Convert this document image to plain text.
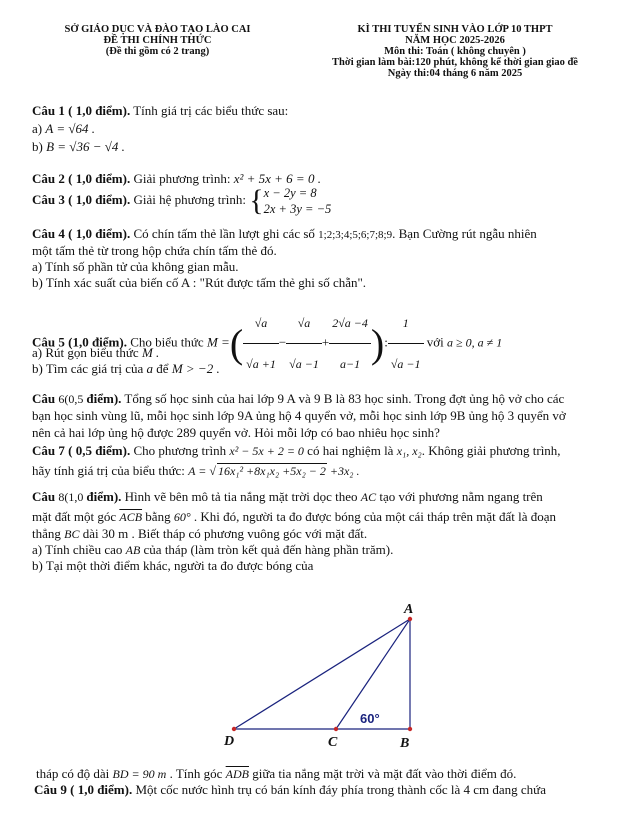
SỞ GIÁO DỤC VÀ ĐÀO TẠO LÀO CAI
ĐỀ THI CHÍNH THỨC
(Đề thi gồm có 2 trang)
KÌ THI TUYỂN SINH VÀO LỚP 10 THPT
NĂM HỌC 2025-2026
Môn thi: Toán ( không chuyên )
Thời gian làm bài:120 phút, không kể thời gian giao đề
Ngày thi:04 tháng 6 năm 2025
Câu 1 ( 1,0 điểm). Tính giá trị các biểu thức sau:
a) A = √64 .
b) B = √36 − √4 .
Câu 2 ( 1,0 điểm). Giải phương trình: x² + 5x + 6 = 0 .
Câu 3 ( 1,0 điểm). Giải hệ phương trình: { x − 2y = 8
2x + 3y = −5
Câu 4 ( 1,0 điểm). Có chín tấm thẻ lần lượt ghi các số 1;2;3;4;5;6;7;8;9. Bạn Cường rút ngẫu nhiên
một tấm thẻ từ trong hộp chứa chín tấm thẻ đó.
a) Tính số phần tử của không gian mẫu.
b) Tính xác suất của biến cố A : "Rút được tấm thẻ ghi số chẵn".
Câu 5 (1,0 điểm). Cho biểu thức M =( $\frac{√a}{√a +1} - \frac{√a}{√a -1} + \frac{2√a -4}{a-1}$ ): $\frac{1}{√a -1}$ với a ≥ 0, a ≠ 1
a) Rút gọn biểu thức M .
b) Tìm các giá trị của a để M > −2 .
Câu 6(0,5 điểm). Tổng số học sinh của hai lớp 9 A và 9 B là 83 học sinh. Trong đợt ủng hộ vở cho các
bạn học sinh vùng lũ, mỗi học sinh lớp 9A ủng hộ 4 quyển vở, mỗi học sinh lớp 9B ủng hộ 3 quyển vở
nên cả hai lớp ủng hộ được 289 quyển vở. Hỏi mỗi lớp có bao nhiêu học sinh?
Câu 7 ( 0,5 điểm). Cho phương trình x² − 5x + 2 = 0 có hai nghiệm là x₁, x₂. Không giải phương trình,
hãy tính giá trị của biểu thức: A = √ 16x₁² +8x₁x₂ +5x₂ − 2 +3x₂ .
Câu 8(1,0 điểm). Hình vẽ bên mô tả tia nắng mặt trời dọc theo AC tạo với phương nằm ngang trên
mặt đất một góc $\overline{ACB}$ bằng 60° . Khi đó, người ta đo được bóng của một cái tháp trên mặt đất là đoạn
thẳng BC dài 30 m . Biết tháp có phương vuông góc với mặt đất.
a) Tính chiều cao AB của tháp (làm tròn kết quả đến hàng phần trăm).
b) Tại một thời điểm khác, người ta đo được bóng của
A
B
C
D
60°
tháp có độ dài BD = 90 m . Tính góc $\overline{ADB}$ giữa tia nắng mặt trời và mặt đất vào thời điểm đó.
Câu 9 ( 1,0 điểm). Một cốc nước hình trụ có bán kính đáy phía trong thành cốc là 4 cm đang chứa
